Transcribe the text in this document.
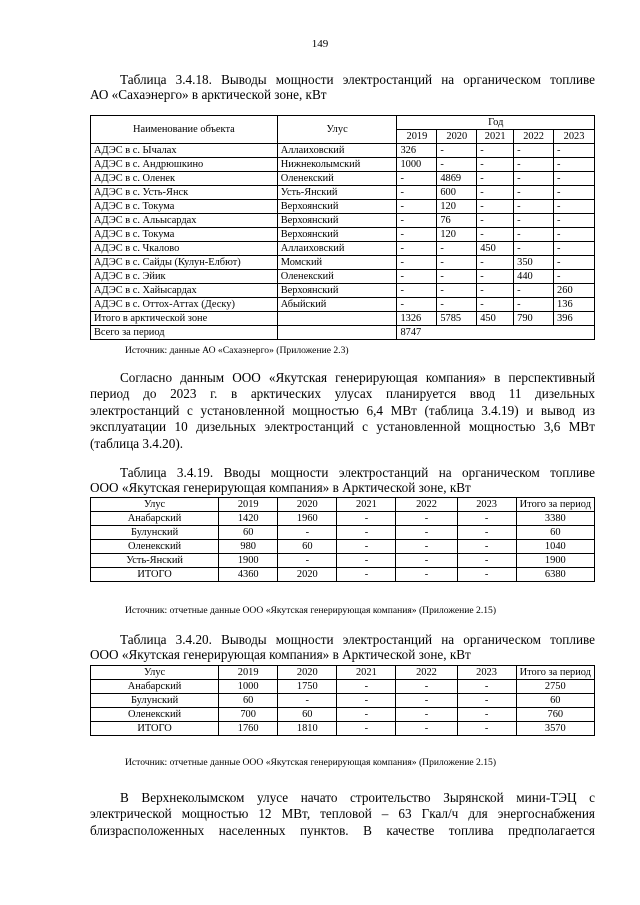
149
Таблица 3.4.18. Выводы мощности электростанций на органическом топливе
АО «Сахаэнерго» в арктической зоне, кВт
Наименование объекта	Улус	Год				
		2019	2020	2021	2022	2023
АДЭС в с. Ычалах	Аллаиховский	326	-	-	-	-
АДЭС в с. Андрюшкино	Нижнеколымский	1000	-	-	-	-
АДЭС в с. Оленек	Оленекский	-	4869	-	-	-
АДЭС в с. Усть-Янск	Усть-Янский	-	600	-	-	-
АДЭС в с. Токума	Верхоянский	-	120	-	-	-
АДЭС в с. Альысардах	Верхоянский	-	76	-	-	-
АДЭС в с. Токума	Верхоянский	-	120	-	-	-
АДЭС в с. Чкалово	Аллаиховский	-	-	450	-	-
АДЭС в с. Сайды (Кулун-Елбют)	Момский	-	-	-	350	-
АДЭС в с. Эйик	Оленекский	-	-	-	440	-
АДЭС в с. Хайысардах	Верхоянский	-	-	-	-	260
АДЭС в с. Оттох-Аттах (Деску)	Абыйский	-	-	-	-	136
Итого в арктической зоне		1326	5785	450	790	396
Всего за период		8747				
Источник: данные АО «Сахаэнерго» (Приложение 2.3)
Согласно данным ООО «Якутская генерирующая компания» в перспективный
период до 2023 г. в арктических улусах планируется ввод 11 дизельных
электростанций с установленной мощностью 6,4 МВт (таблица 3.4.19) и вывод из
эксплуатации 10 дизельных электростанций с установленной мощностью 3,6 МВт
(таблица 3.4.20).
Таблица 3.4.19. Вводы мощности электростанций на органическом топливе
ООО «Якутская генерирующая компания» в Арктической зоне, кВт
Улус	2019	2020	2021	2022	2023	Итого за период
Анабарский	1420	1960	-	-	-	3380
Булунский	60	-	-	-	-	60
Оленекский	980	60	-	-	-	1040
Усть-Янский	1900	-	-	-	-	1900
ИТОГО	4360	2020	-	-	-	6380
Источник: отчетные данные ООО «Якутская генерирующая компания» (Приложение 2.15)
Таблица 3.4.20. Выводы мощности электростанций на органическом топливе
ООО «Якутская генерирующая компания» в Арктической зоне, кВт
Улус	2019	2020	2021	2022	2023	Итого за период
Анабарский	1000	1750	-	-	-	2750
Булунский	60	-	-	-	-	60
Оленекский	700	60	-	-	-	760
ИТОГО	1760	1810	-	-	-	3570
Источник: отчетные данные ООО «Якутская генерирующая компания» (Приложение 2.15)
В Верхнеколымском улусе начато строительство Зырянской мини-ТЭЦ с
электрической мощностью 12 МВт, тепловой – 63 Гкал/ч для энергоснабжения
близрасположенных населенных пунктов. В качестве топлива предполагается
